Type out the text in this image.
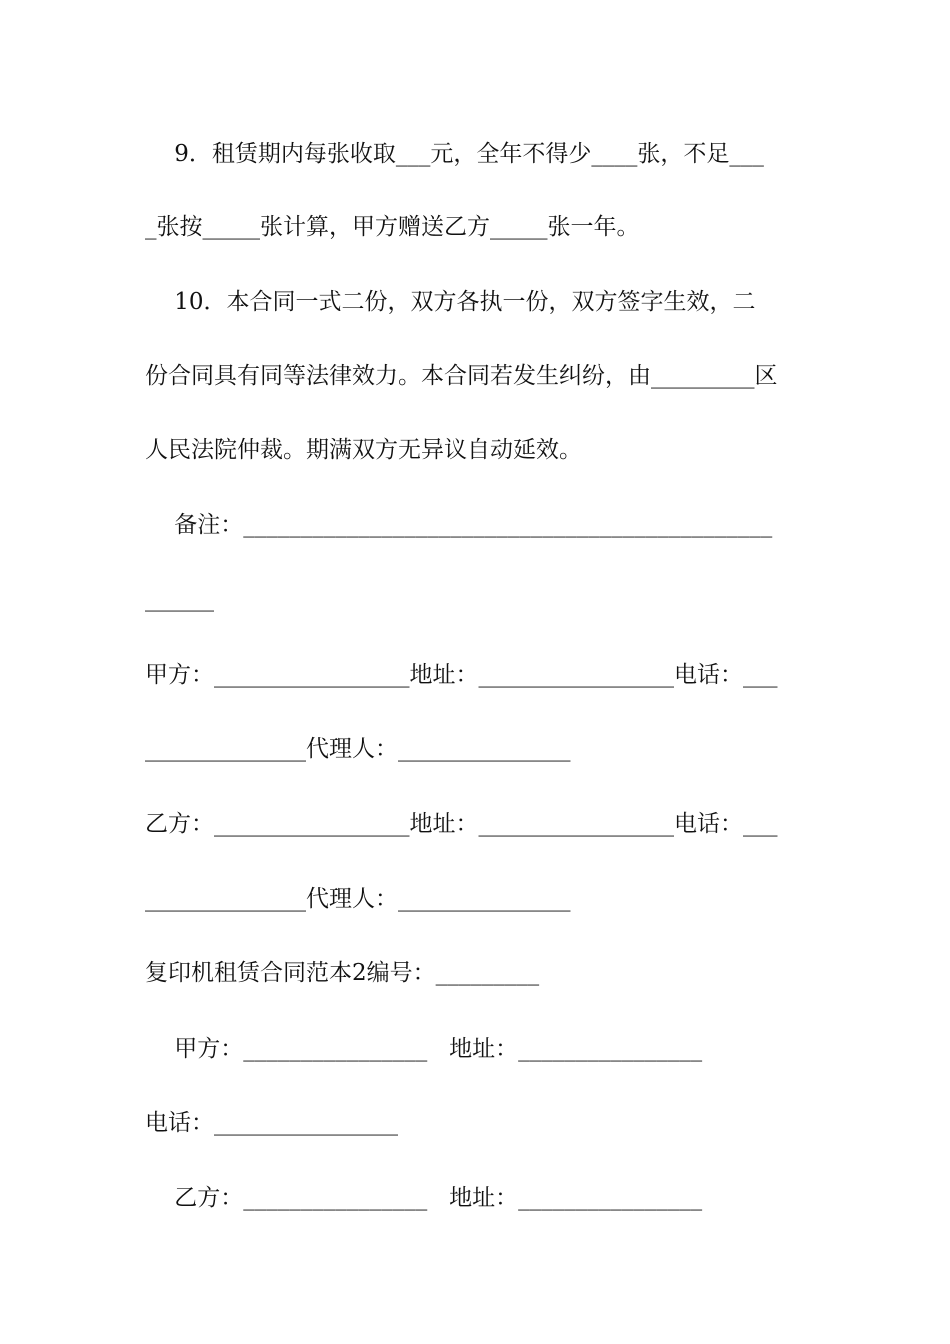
9．租赁期内每张收取___元，全年不得少____张，不足___
_张按_____张计算，甲方赠送乙方_____张一年。
10．本合同一式二份，双方各执一份，双方签字生效，二
份合同具有同等法律效力。本合同若发生纠纷，由_________区
人民法院仲裁。期满双方无异议自动延效。
备注：______________________________________________
______
甲方：_________________地址：_________________电话：___
______________代理人：_______________
乙方：_________________地址：_________________电话：___
______________代理人：_______________
复印机租赁合同范本2编号：_________
甲方：________________   地址：________________
电话：________________
乙方：________________   地址：________________
